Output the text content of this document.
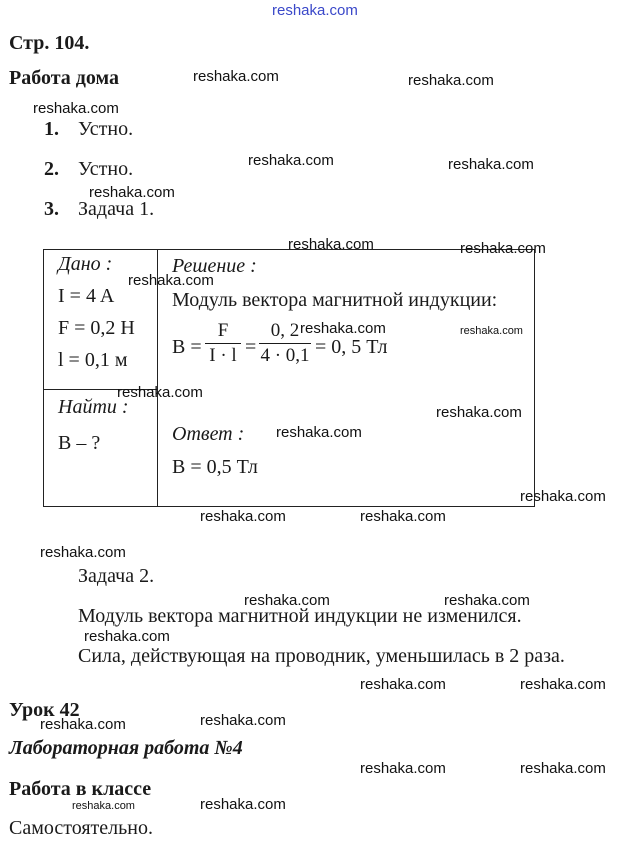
reshaka.com
Стр. 104.
Работа дома
1. Устно.
2. Устно.
3. Задача 1.
Дано :
I = 4 A
F = 0,2 H
l = 0,1 м
Найти :
B – ?
Решение :
Модуль вектора магнитной индукции:
B =
F
I · l =
0, 2
4 · 0,1 = 0, 5 Тл
Ответ :
B = 0,5 Тл
Задача 2.
Модуль вектора магнитной индукции не изменился.
Сила, действующая на проводник, уменьшилась в 2 раза.
Урок 42
Лабораторная работа №4
Работа в классе
Самостоятельно.
reshaka.com	reshaka.com
reshaka.com
reshaka.com	reshaka.com
reshaka.com
reshaka.com	reshaka.com
reshaka.com
reshaka.com	reshaka.com
reshaka.com
reshaka.com
reshaka.com
reshaka.com
reshaka.com	reshaka.com
reshaka.com
reshaka.com	reshaka.com
reshaka.com
reshaka.com	reshaka.com
reshaka.com	reshaka.com
reshaka.com	reshaka.com
reshaka.com	reshaka.com
